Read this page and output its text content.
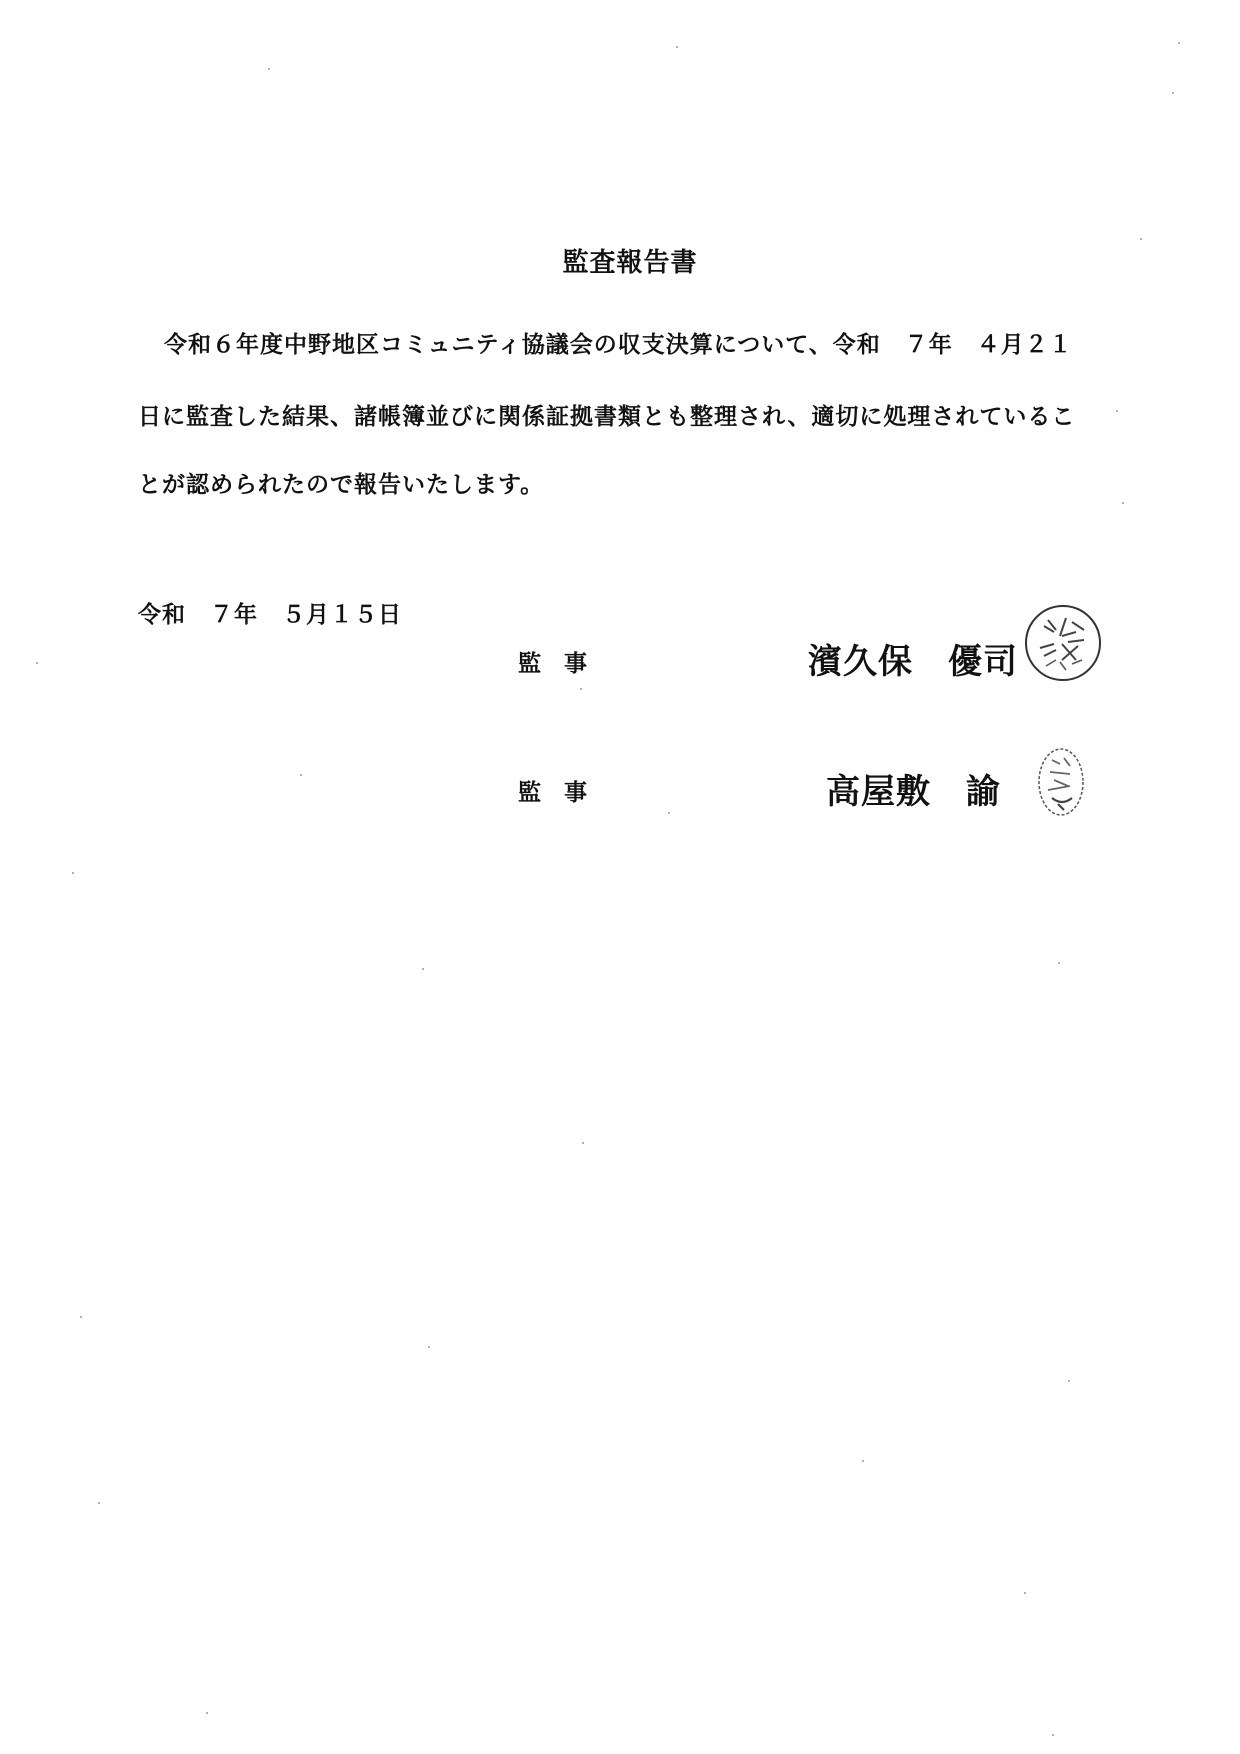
監査報告書
令和６年度中野地区コミュニティ協議会の収支決算について、令和　７年　４月２１
日に監査した結果、諸帳簿並びに関係証拠書類とも整理され、適切に処理されているこ
とが認められたので報告いたします。
令和　７年　５月１５日
監　事	濱久保　優司
監　事	高屋敷　諭
